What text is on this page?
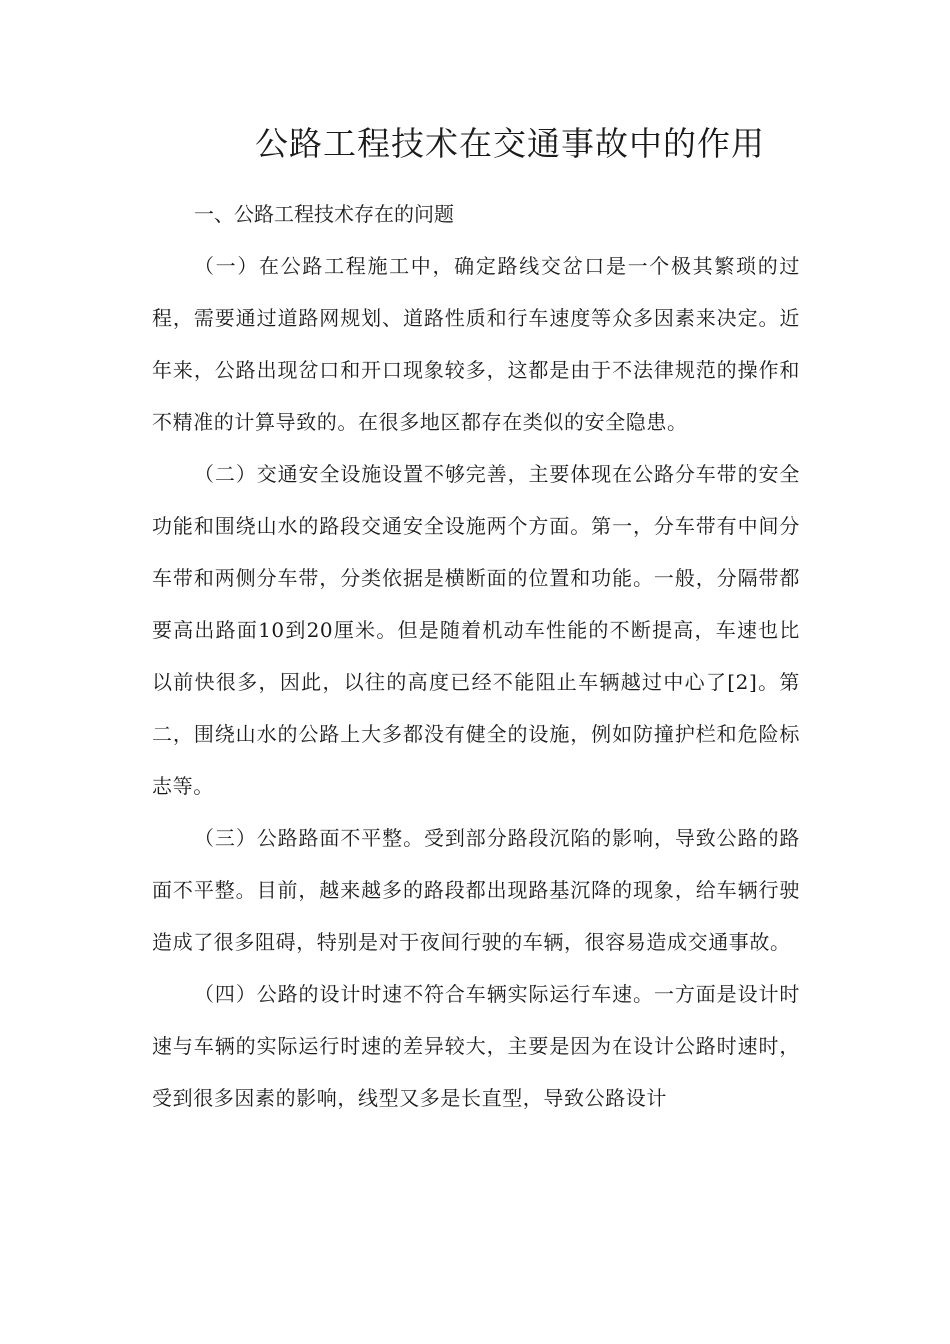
公路工程技术在交通事故中的作用

一、公路工程技术存在的问题

（一）在公路工程施工中，确定路线交岔口是一个极其繁琐的过程，需要通过道路网规划、道路性质和行车速度等众多因素来决定。近年来，公路出现岔口和开口现象较多，这都是由于不法律规范的操作和不精准的计算导致的。在很多地区都存在类似的安全隐患。

（二）交通安全设施设置不够完善，主要体现在公路分车带的安全功能和围绕山水的路段交通安全设施两个方面。第一，分车带有中间分车带和两侧分车带，分类依据是横断面的位置和功能。一般，分隔带都要高出路面10到20厘米。但是随着机动车性能的不断提高，车速也比以前快很多，因此，以往的高度已经不能阻止车辆越过中心了[2]。第二，围绕山水的公路上大多都没有健全的设施，例如防撞护栏和危险标志等。

（三）公路路面不平整。受到部分路段沉陷的影响，导致公路的路面不平整。目前，越来越多的路段都出现路基沉降的现象，给车辆行驶造成了很多阻碍，特别是对于夜间行驶的车辆，很容易造成交通事故。

（四）公路的设计时速不符合车辆实际运行车速。一方面是设计时速与车辆的实际运行时速的差异较大，主要是因为在设计公路时速时，受到很多因素的影响，线型又多是长直型，导致公路设计
